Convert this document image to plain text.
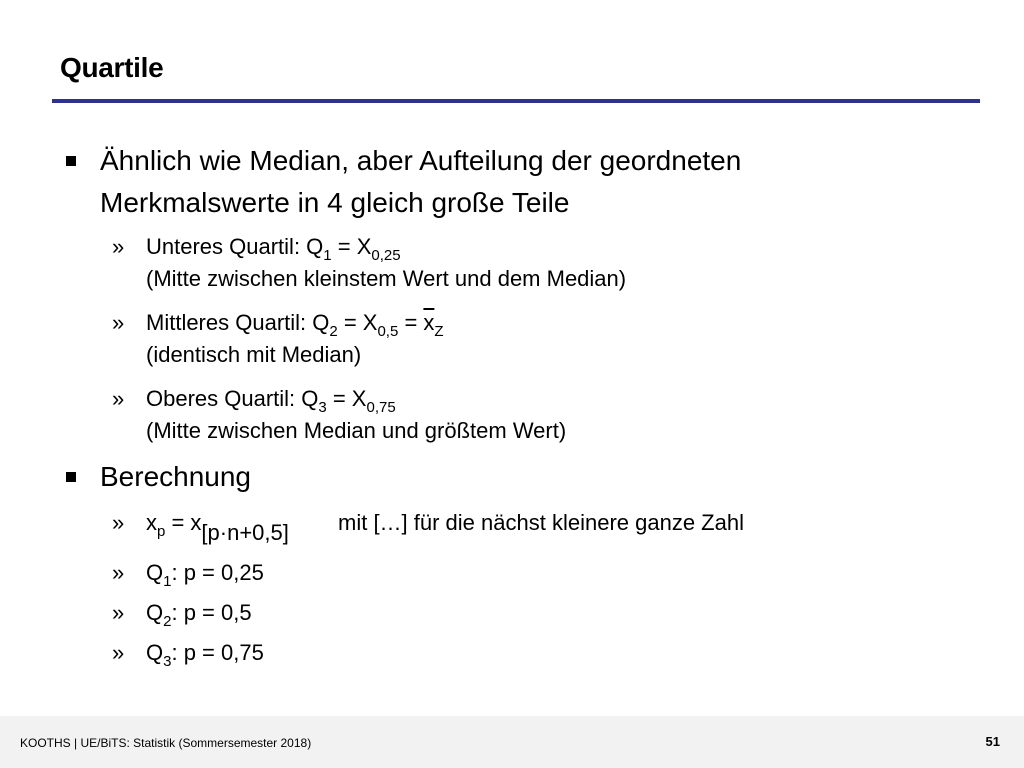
Quartile
Ähnlich wie Median, aber Aufteilung der geordneten
Merkmalswerte in 4 gleich große Teile
» Unteres Quartil: $Q_1 = X_{0,25}$
(Mitte zwischen kleinstem Wert und dem Median)
» Mittleres Quartil: $Q_2 = X_{0,5} = \overline{x}_Z$
(identisch mit Median)
» Oberes Quartil: $Q_3 = X_{0,75}$
(Mitte zwischen Median und größtem Wert)
Berechnung
» $x_p = x[p\cdot n+0,5]$ mit […] für die nächst kleinere ganze Zahl
» $Q_1$: p = 0,25
» $Q_2$: p = 0,5
» $Q_3$: p = 0,75
KOOTHS | UE/BiTS: Statistik (Sommersemester 2018)	51
